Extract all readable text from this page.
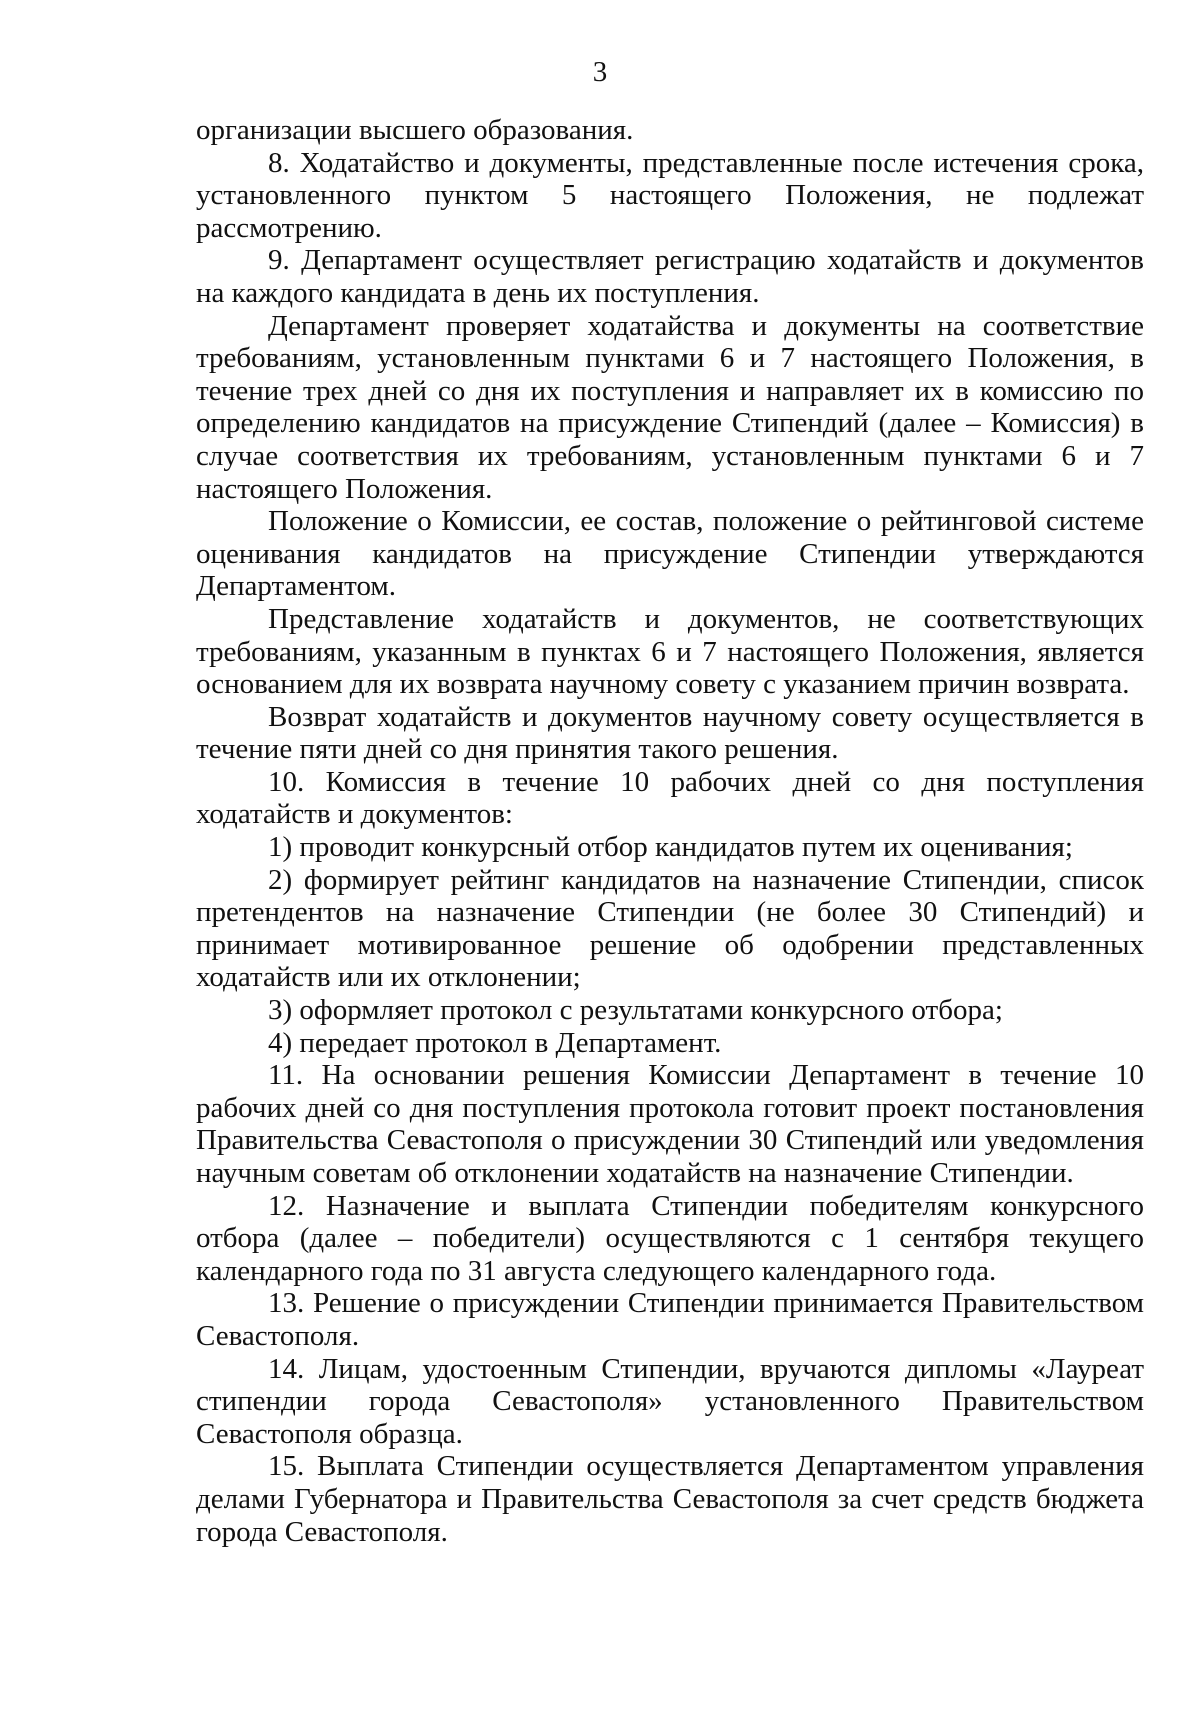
3

организации высшего образования.

8. Ходатайство и документы, представленные после истечения срока, установленного пунктом 5 настоящего Положения, не подлежат рассмотрению.

9. Департамент осуществляет регистрацию ходатайств и документов на каждого кандидата в день их поступления.

Департамент проверяет ходатайства и документы на соответствие требованиям, установленным пунктами 6 и 7 настоящего Положения, в течение трех дней со дня их поступления и направляет их в комиссию по определению кандидатов на присуждение Стипендий (далее – Комиссия) в случае соответствия их требованиям, установленным пунктами 6 и 7 настоящего Положения.

Положение о Комиссии, ее состав, положение о рейтинговой системе оценивания кандидатов на присуждение Стипендии утверждаются Департаментом.

Представление ходатайств и документов, не соответствующих требованиям, указанным в пунктах 6 и 7 настоящего Положения, является основанием для их возврата научному совету с указанием причин возврата.

Возврат ходатайств и документов научному совету осуществляется в течение пяти дней со дня принятия такого решения.

10. Комиссия в течение 10 рабочих дней со дня поступления ходатайств и документов:

1) проводит конкурсный отбор кандидатов путем их оценивания;

2) формирует рейтинг кандидатов на назначение Стипендии, список претендентов на назначение Стипендии (не более 30 Стипендий) и принимает мотивированное решение об одобрении представленных ходатайств или их отклонении;

3) оформляет протокол с результатами конкурсного отбора;

4) передает протокол в Департамент.

11. На основании решения Комиссии Департамент в течение 10 рабочих дней со дня поступления протокола готовит проект постановления Правительства Севастополя о присуждении 30 Стипендий или уведомления научным советам об отклонении ходатайств на назначение Стипендии.

12. Назначение и выплата Стипендии победителям конкурсного отбора (далее – победители) осуществляются с 1 сентября текущего календарного года по 31 августа следующего календарного года.

13. Решение о присуждении Стипендии принимается Правительством Севастополя.

14. Лицам, удостоенным Стипендии, вручаются дипломы «Лауреат стипендии города Севастополя» установленного Правительством Севастополя образца.

15. Выплата Стипендии осуществляется Департаментом управления делами Губернатора и Правительства Севастополя за счет средств бюджета города Севастополя.
